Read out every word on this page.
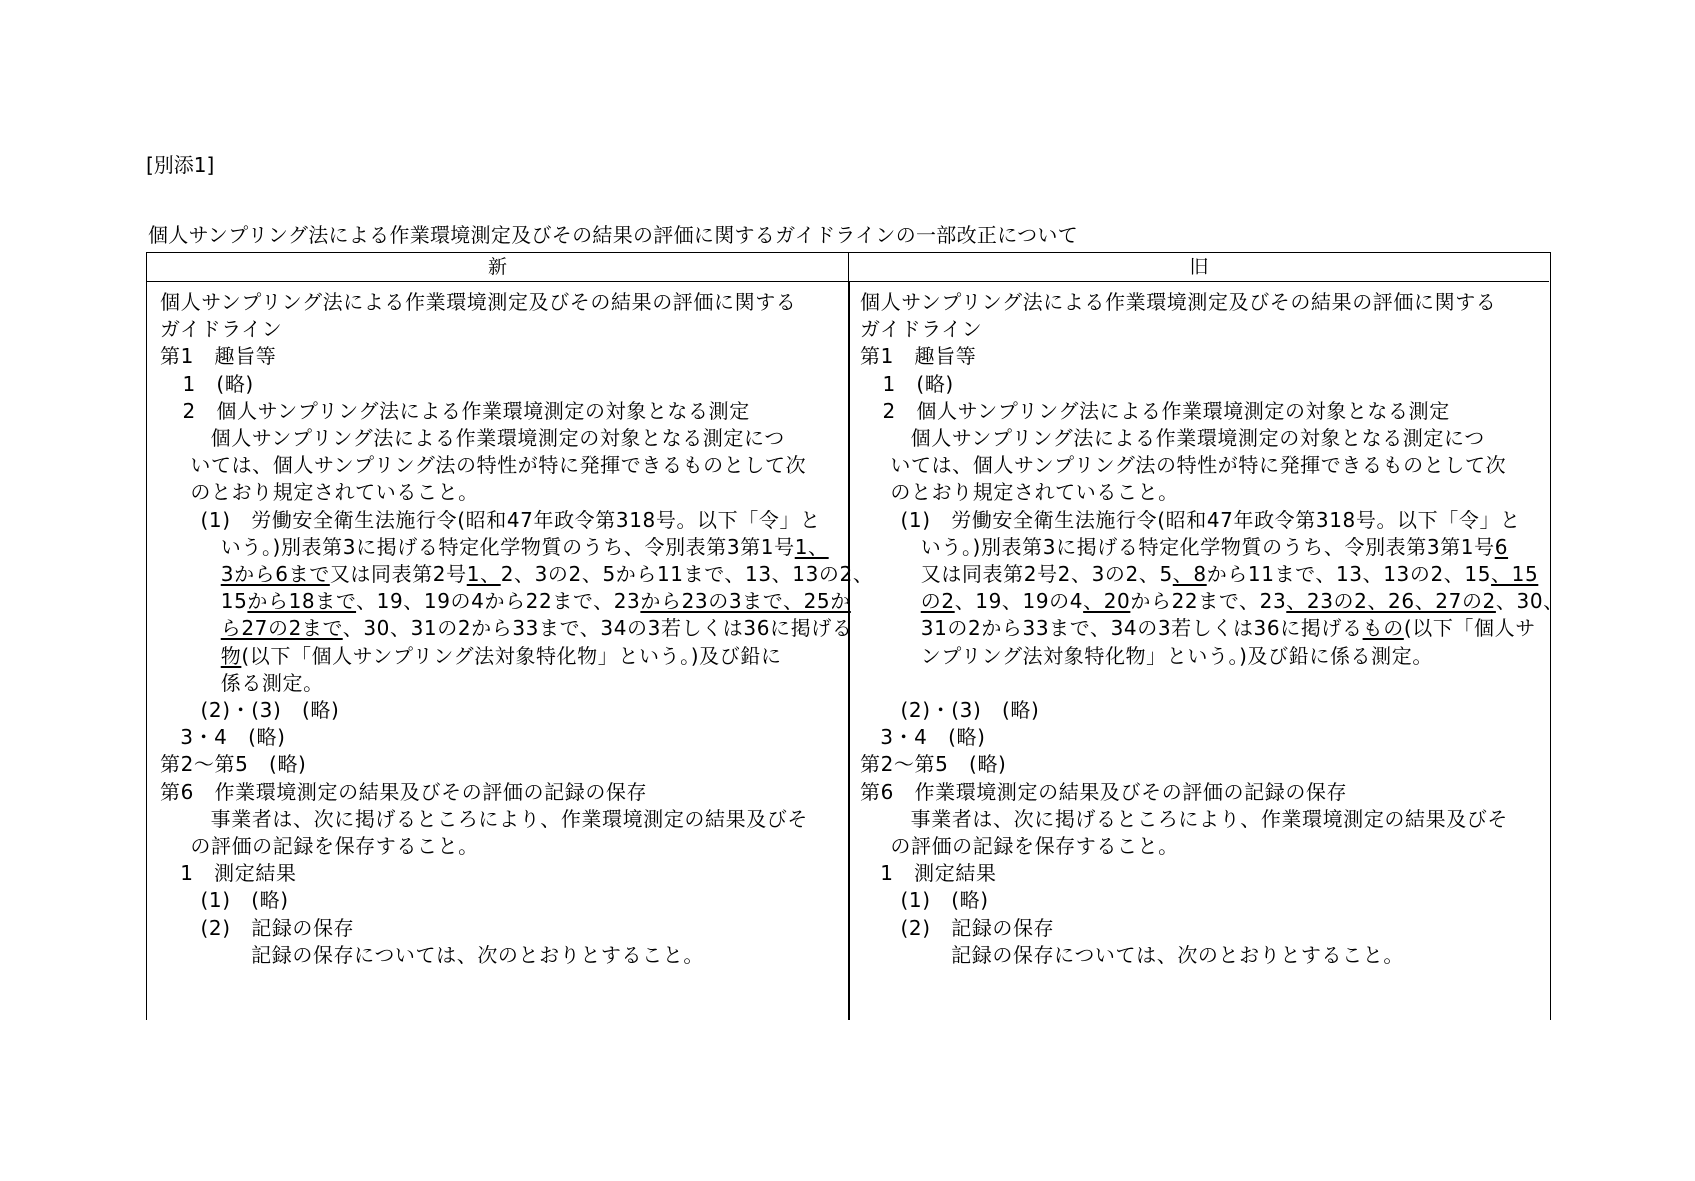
[別添1]
個人サンプリング法による作業環境測定及びその結果の評価に関するガイドラインの一部改正について
新	旧
個人サンプリング法による作業環境測定及びその結果の評価に関する
ガイドライン
第1　趣旨等
1　(略)
2　個人サンプリング法による作業環境測定の対象となる測定
個人サンプリング法による作業環境測定の対象となる測定につ
いては、個人サンプリング法の特性が特に発揮できるものとして次
のとおり規定されていること。
(1)　労働安全衛生法施行令(昭和47年政令第318号。以下「令」と
いう。)別表第3に掲げる特定化学物質のうち、令別表第3第1号1、
3から6まで又は同表第2号1、2、3の2、5から11まで、13、13の2、
15から18まで、19、19の4から22まで、23から23の3まで、25か
ら27の2まで、30、31の2から33まで、34の3若しくは36に掲げる
物(以下「個人サンプリング法対象特化物」という。)及び鉛に
係る測定。
(2)・(3)　(略)
3・4　(略)
第2～第5　(略)
第6　作業環境測定の結果及びその評価の記録の保存
事業者は、次に掲げるところにより、作業環境測定の結果及びそ
の評価の記録を保存すること。
1　測定結果
(1)　(略)
(2)　記録の保存
記録の保存については、次のとおりとすること。
個人サンプリング法による作業環境測定及びその結果の評価に関する
ガイドライン
第1　趣旨等
1　(略)
2　個人サンプリング法による作業環境測定の対象となる測定
個人サンプリング法による作業環境測定の対象となる測定につ
いては、個人サンプリング法の特性が特に発揮できるものとして次
のとおり規定されていること。
(1)　労働安全衛生法施行令(昭和47年政令第318号。以下「令」と
いう。)別表第3に掲げる特定化学物質のうち、令別表第3第1号6
又は同表第2号2、3の2、5、8から11まで、13、13の2、15、15
の2、19、19の4、20から22まで、23、23の2、26、27の2、30、
31の2から33まで、34の3若しくは36に掲げるもの(以下「個人サ
ンプリング法対象特化物」という。)及び鉛に係る測定。
(2)・(3)　(略)
3・4　(略)
第2～第5　(略)
第6　作業環境測定の結果及びその評価の記録の保存
事業者は、次に掲げるところにより、作業環境測定の結果及びそ
の評価の記録を保存すること。
1　測定結果
(1)　(略)
(2)　記録の保存
記録の保存については、次のとおりとすること。
